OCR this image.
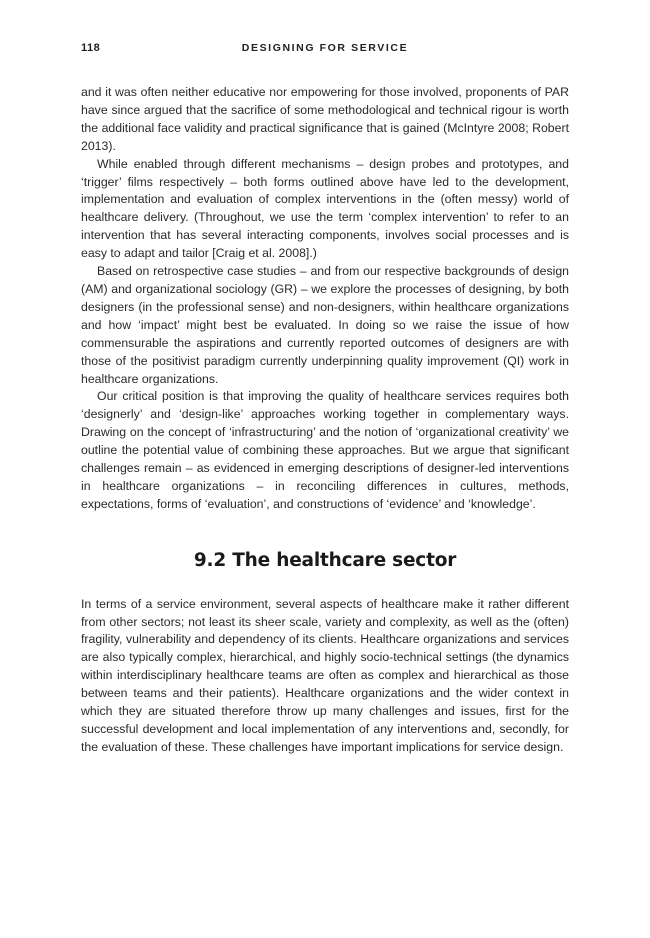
118	DESIGNING FOR SERVICE

and it was often neither educative nor empowering for those involved, proponents of PAR have since argued that the sacrifice of some methodological and technical rigour is worth the additional face validity and practical significance that is gained (McIntyre 2008; Robert 2013).

While enabled through different mechanisms – design probes and prototypes, and ‘trigger’ films respectively – both forms outlined above have led to the development, implementation and evaluation of complex interventions in the (often messy) world of healthcare delivery. (Throughout, we use the term ‘complex intervention’ to refer to an intervention that has several interacting components, involves social processes and is easy to adapt and tailor [Craig et al. 2008].)

Based on retrospective case studies – and from our respective backgrounds of design (AM) and organizational sociology (GR) – we explore the processes of designing, by both designers (in the professional sense) and non-designers, within healthcare organizations and how ‘impact’ might best be evaluated. In doing so we raise the issue of how commensurable the aspirations and currently reported outcomes of designers are with those of the positivist paradigm currently underpinning quality improvement (QI) work in healthcare organizations.

Our critical position is that improving the quality of healthcare services requires both ‘designerly’ and ‘design-like’ approaches working together in complementary ways. Drawing on the concept of ‘infrastructuring’ and the notion of ‘organizational creativity’ we outline the potential value of combining these approaches. But we argue that significant challenges remain – as evidenced in emerging descriptions of designer-led interventions in healthcare organizations – in reconciling differences in cultures, methods, expectations, forms of ‘evaluation’, and constructions of ‘evidence’ and ‘knowledge’.

9.2 The healthcare sector

In terms of a service environment, several aspects of healthcare make it rather different from other sectors; not least its sheer scale, variety and complexity, as well as the (often) fragility, vulnerability and dependency of its clients. Healthcare organizations and services are also typically complex, hierarchical, and highly socio-technical settings (the dynamics within interdisciplinary healthcare teams are often as complex and hierarchical as those between teams and their patients). Healthcare organizations and the wider context in which they are situated therefore throw up many challenges and issues, first for the successful development and local implementation of any interventions and, secondly, for the evaluation of these. These challenges have important implications for service design.
